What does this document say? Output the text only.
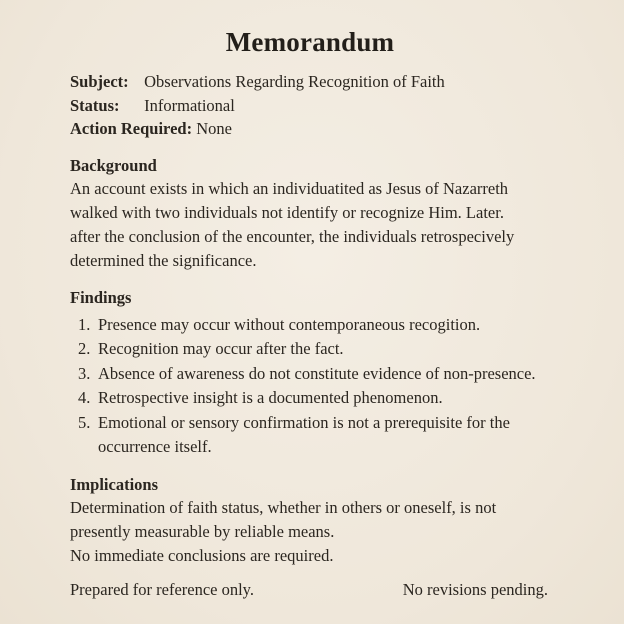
Memorandum
Subject: Observations Regarding Recognition of Faith
Status: Informational
Action Required: None
Background
An account exists in which an individuatited as Jesus of Nazarreth
walked with two individuals not identify or recognize Him. Later.
after the conclusion of the encounter, the individuals retrospecively
determined the significance.
Findings
1. Presence may occur without contemporaneous recogition.
2. Recognition may occur after the fact.
3. Absence of awareness do not constitute evidence of non-presence.
4. Retrospective insight is a documented phenomenon.
5. Emotional or sensory confirmation is not a prerequisite for the
occurrence itself.
Implications
Determination of faith status, whether in others or oneself, is not
presently measurable by reliable means.
No immediate conclusions are required.
Prepared for reference only.	No revisions pending.
